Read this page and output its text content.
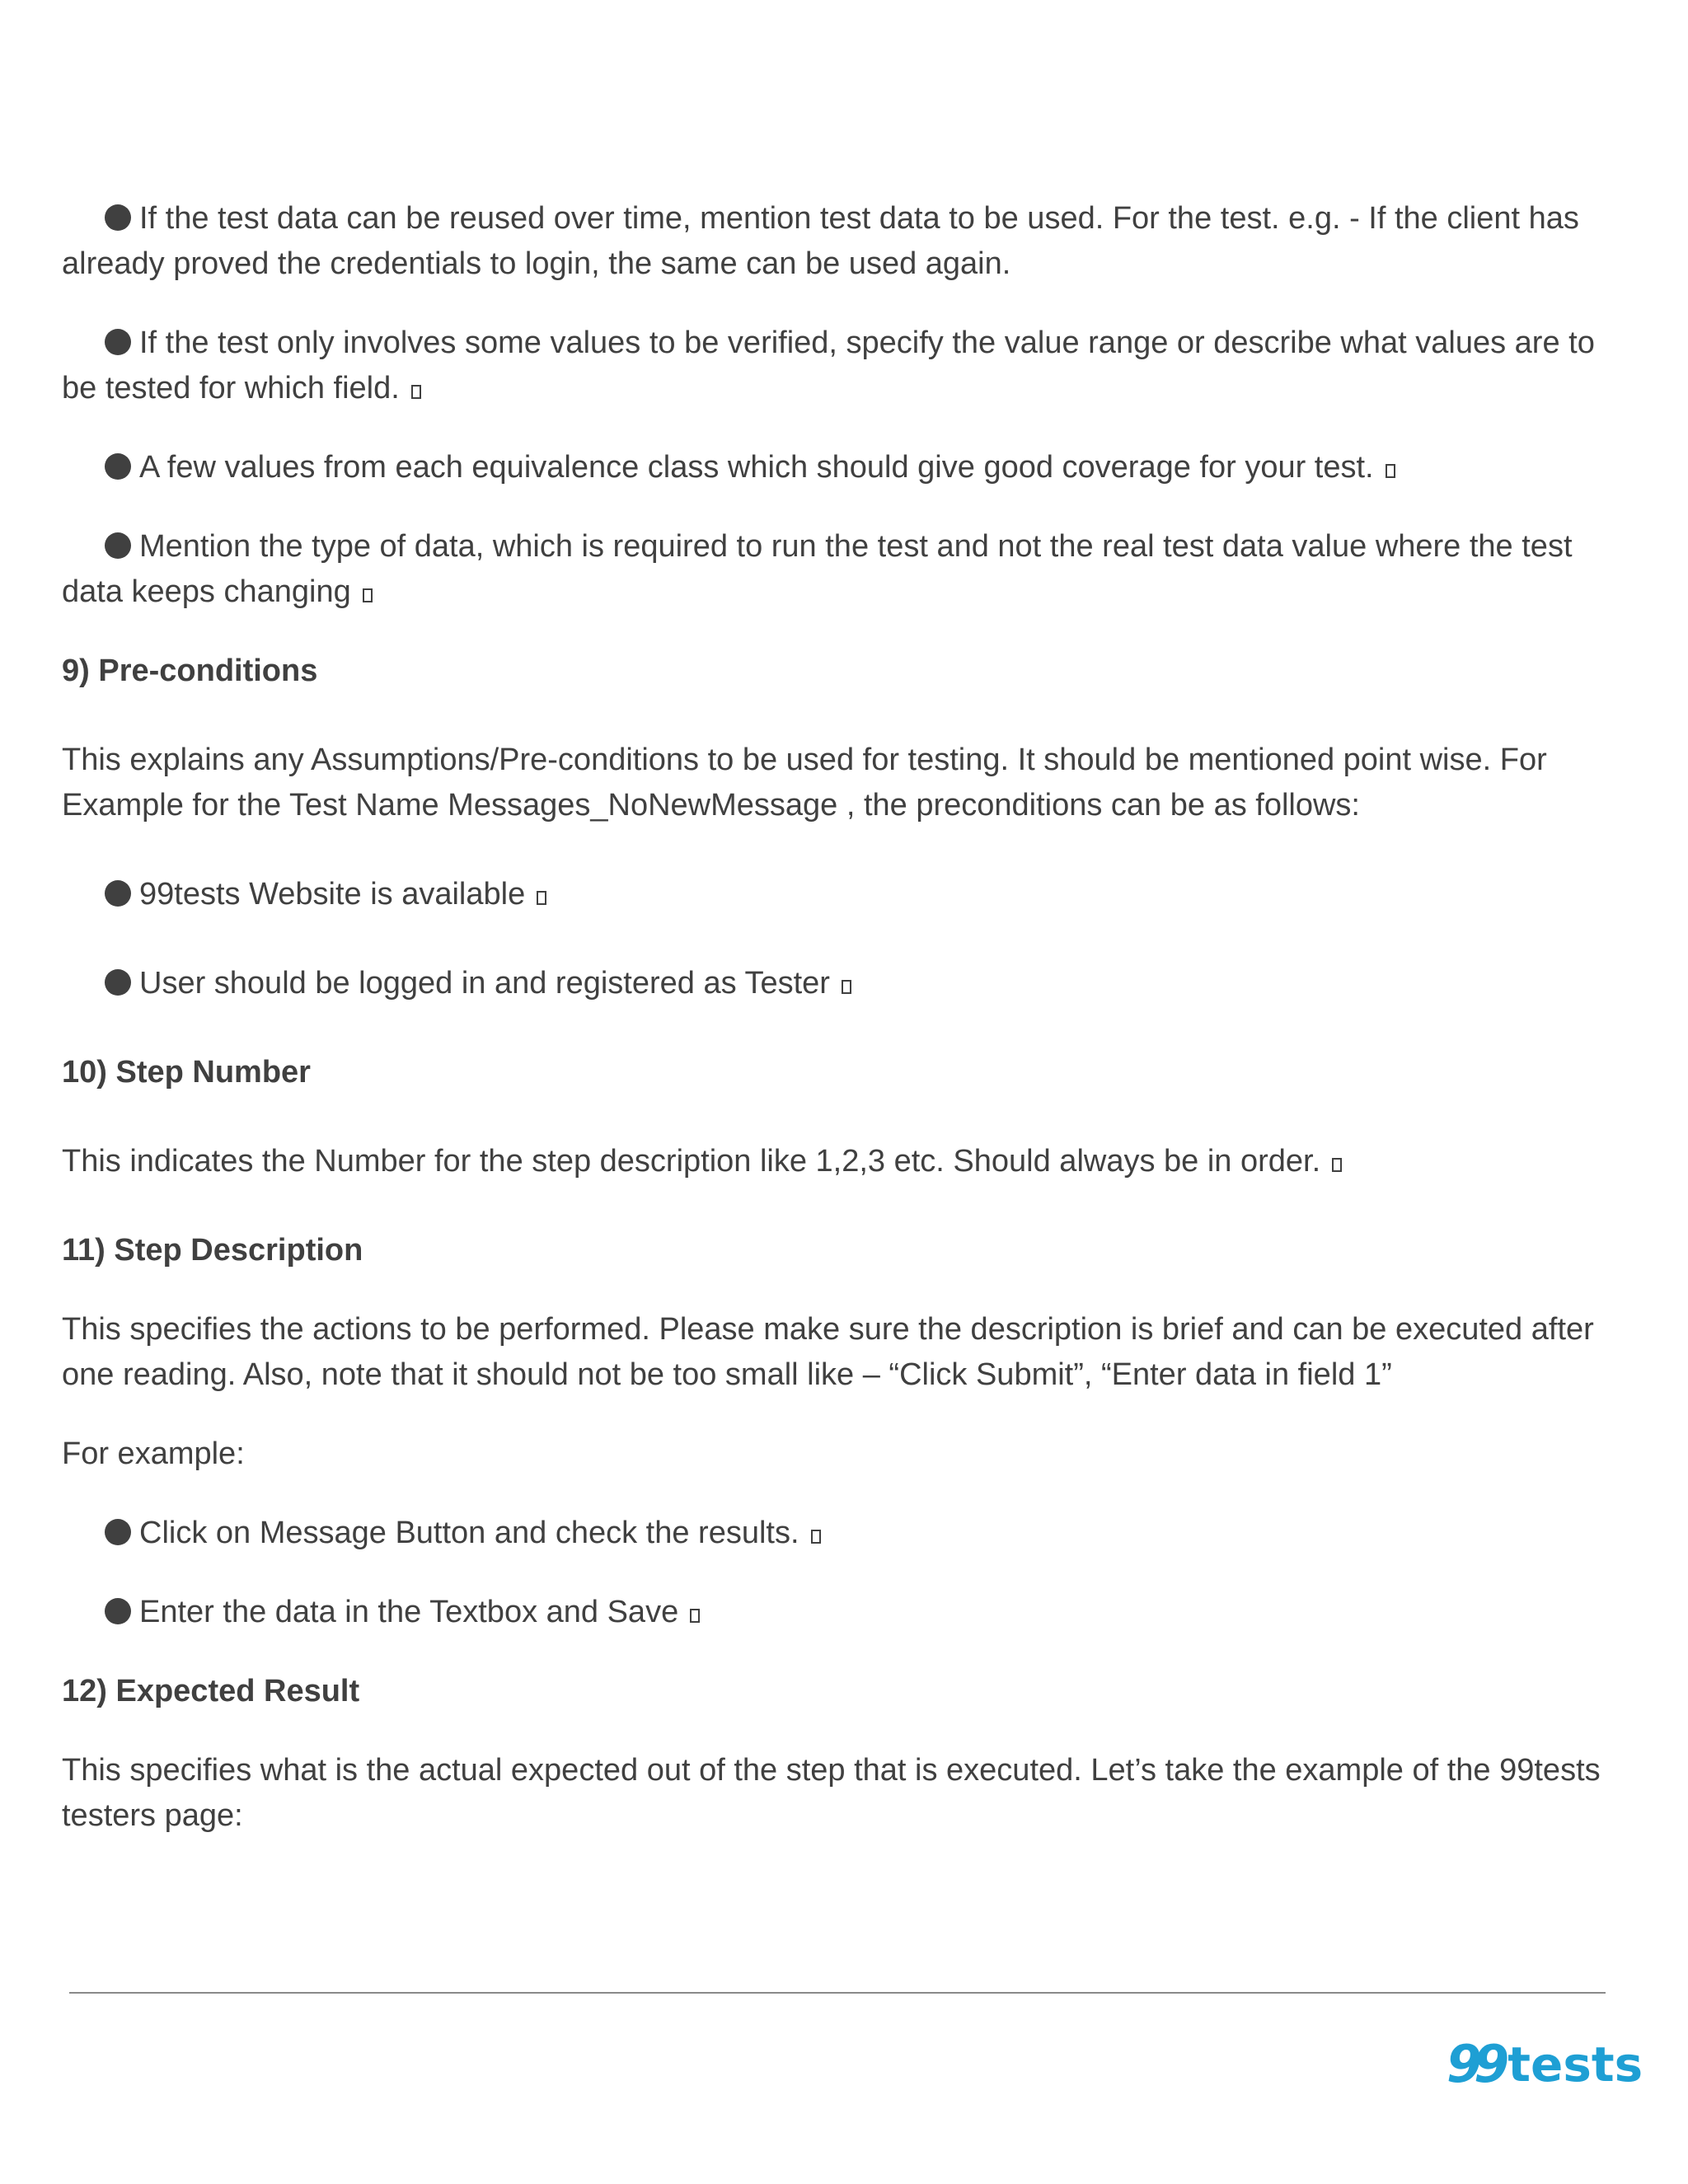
If the test data can be reused over time, mention test data to be used. For the test. e.g. - If the client has already proved the credentials to login, the same can be used again.

If the test only involves some values to be verified, specify the value range or describe what values are to be tested for which field.

A few values from each equivalence class which should give good coverage for your test.

Mention the type of data, which is required to run the test and not the real test data value where the test data keeps changing

9) Pre-conditions

This explains any Assumptions/Pre-conditions to be used for testing. It should be mentioned point wise. For Example for the Test Name Messages_NoNewMessage , the preconditions can be as follows:

99tests Website is available

User should be logged in and registered as Tester

10) Step Number

This indicates the Number for the step description like 1,2,3 etc. Should always be in order.

11) Step Description

This specifies the actions to be performed. Please make sure the description is brief and can be executed after one reading. Also, note that it should not be too small like – “Click Submit”, “Enter data in field 1”

For example:

Click on Message Button and check the results.

Enter the data in the Textbox and Save

12) Expected Result

This specifies what is the actual expected out of the step that is executed. Let’s take the example of the 99tests testers page:

99 tests
